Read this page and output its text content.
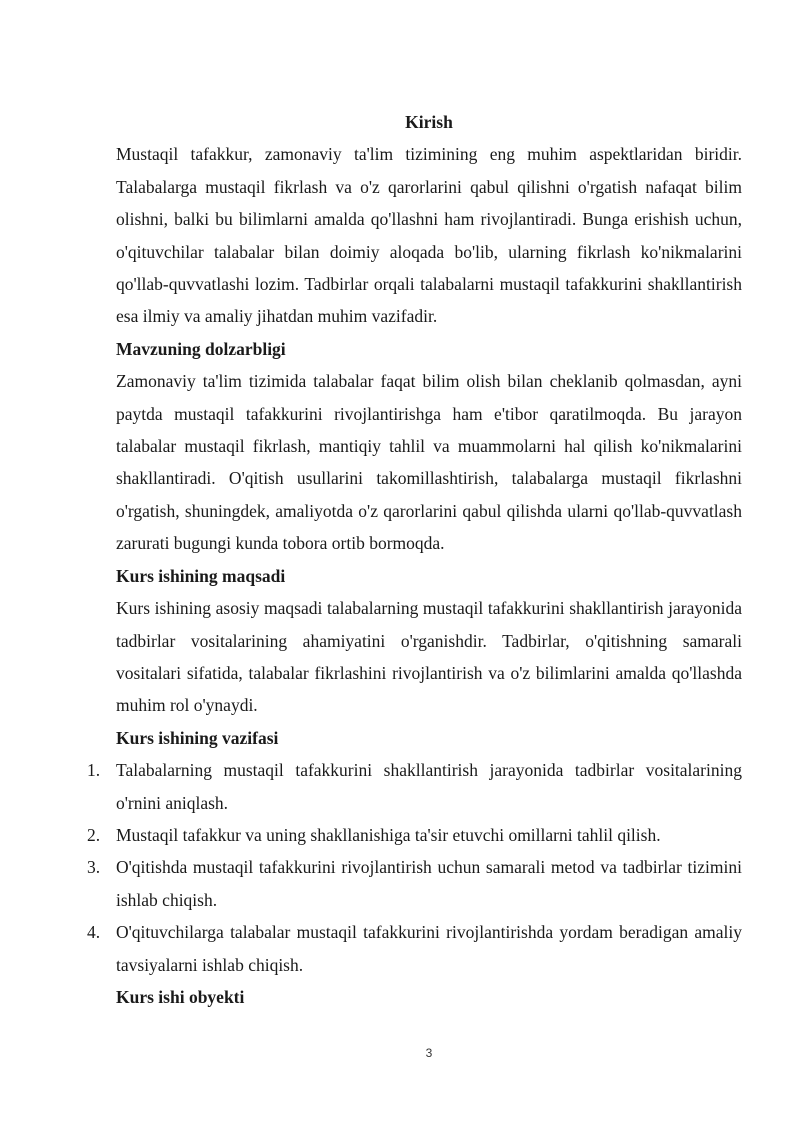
Kirish

Mustaqil tafakkur, zamonaviy ta'lim tizimining eng muhim aspektlaridan biridir. Talabalarga mustaqil fikrlash va o'z qarorlarini qabul qilishni o'rgatish nafaqat bilim olishni, balki bu bilimlarni amalda qo'llashni ham rivojlantiradi. Bunga erishish uchun, o'qituvchilar talabalar bilan doimiy aloqada bo'lib, ularning fikrlash ko'nikmalarini qo'llab-quvvatlashi lozim. Tadbirlar orqali talabalarni mustaqil tafakkurini shakllantirish esa ilmiy va amaliy jihatdan muhim vazifadir.

Mavzuning dolzarbligi

Zamonaviy ta'lim tizimida talabalar faqat bilim olish bilan cheklanib qolmasdan, ayni paytda mustaqil tafakkurini rivojlantirishga ham e'tibor qaratilmoqda. Bu jarayon talabalar mustaqil fikrlash, mantiqiy tahlil va muammolarni hal qilish ko'nikmalarini shakllantiradi. O'qitish usullarini takomillashtirish, talabalarga mustaqil fikrlashni o'rgatish, shuningdek, amaliyotda o'z qarorlarini qabul qilishda ularni qo'llab-quvvatlash zarurati bugungi kunda tobora ortib bormoqda.

Kurs ishining maqsadi

Kurs ishining asosiy maqsadi talabalarning mustaqil tafakkurini shakllantirish jarayonida tadbirlar vositalarining ahamiyatini o'rganishdir. Tadbirlar, o'qitishning samarali vositalari sifatida, talabalar fikrlashini rivojlantirish va o'z bilimlarini amalda qo'llashda muhim rol o'ynaydi.

Kurs ishining vazifasi

1. Talabalarning mustaqil tafakkurini shakllantirish jarayonida tadbirlar vositalarining o'rnini aniqlash.
2. Mustaqil tafakkur va uning shakllanishiga ta'sir etuvchi omillarni tahlil qilish.
3. O'qitishda mustaqil tafakkurini rivojlantirish uchun samarali metod va tadbirlar tizimini ishlab chiqish.
4. O'qituvchilarga talabalar mustaqil tafakkurini rivojlantirishda yordam beradigan amaliy tavsiyalarni ishlab chiqish.

Kurs ishi obyekti

3
